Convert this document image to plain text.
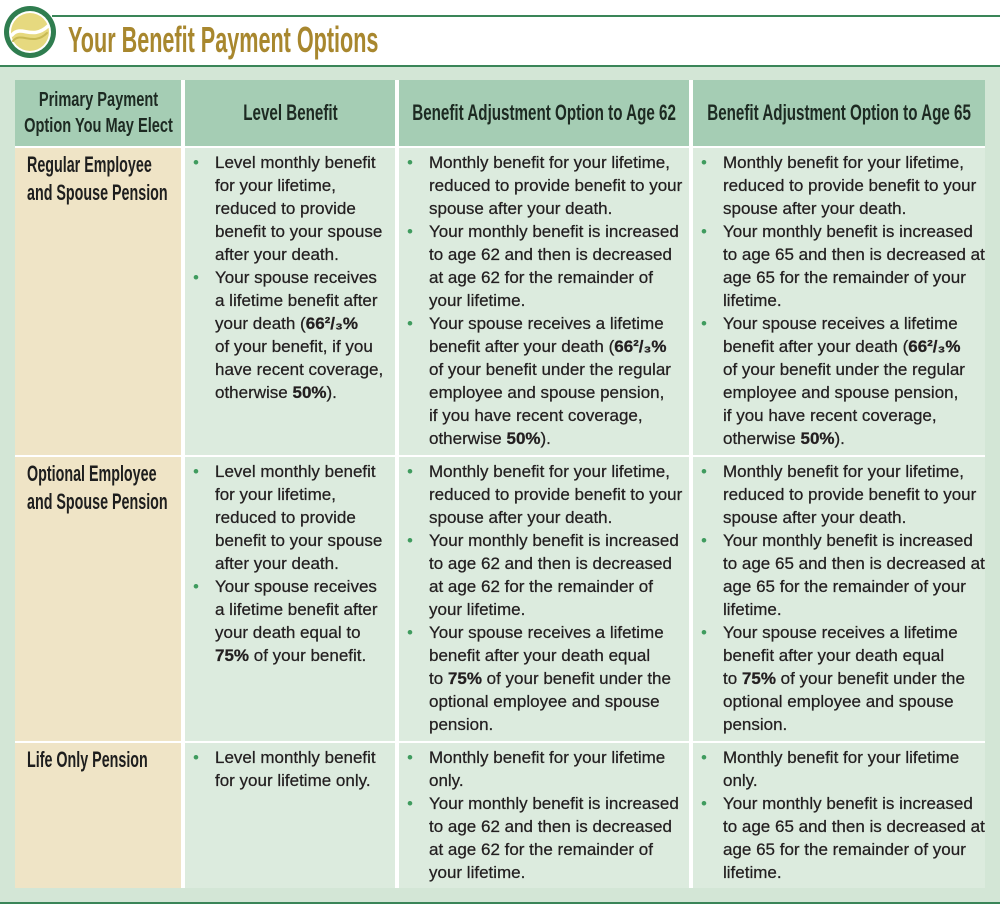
Your Benefit Payment Options
Primary Payment Option You May Elect
Level Benefit	Benefit Adjustment Option to Age 62 Benefit Adjustment Option to Age 65
Regular Employee and Spouse Pension
•
Level monthly benefit
for your lifetime,
reduced to provide
benefit to your spouse
after your death.
•
Your spouse receives
a lifetime benefit after
your death (66²/₃%
of your benefit, if you
have recent coverage,
otherwise 50%).
•
Monthly benefit for your lifetime,
reduced to provide benefit to your
spouse after your death.
•
Your monthly benefit is increased
to age 62 and then is decreased
at age 62 for the remainder of
your lifetime.
•
Your spouse receives a lifetime
benefit after your death (66²/₃%
of your benefit under the regular
employee and spouse pension,
if you have recent coverage,
otherwise 50%).
•
Monthly benefit for your lifetime,
reduced to provide benefit to your
spouse after your death.
•
Your monthly benefit is increased
to age 65 and then is decreased at
age 65 for the remainder of your
lifetime.
•
Your spouse receives a lifetime
benefit after your death (66²/₃%
of your benefit under the regular
employee and spouse pension,
if you have recent coverage,
otherwise 50%).
Optional Employee and Spouse Pension
•
Level monthly benefit
for your lifetime,
reduced to provide
benefit to your spouse
after your death.
•
Your spouse receives
a lifetime benefit after
your death equal to
75% of your benefit.
•
Monthly benefit for your lifetime,
reduced to provide benefit to your
spouse after your death.
•
Your monthly benefit is increased
to age 62 and then is decreased
at age 62 for the remainder of
your lifetime.
•
Your spouse receives a lifetime
benefit after your death equal
to 75% of your benefit under the
optional employee and spouse
pension.
•
Monthly benefit for your lifetime,
reduced to provide benefit to your
spouse after your death.
•
Your monthly benefit is increased
to age 65 and then is decreased at
age 65 for the remainder of your
lifetime.
•
Your spouse receives a lifetime
benefit after your death equal
to 75% of your benefit under the
optional employee and spouse
pension.
Life Only Pension
•	Level monthly benefit
for your lifetime only.
•
Monthly benefit for your lifetime
only.
•
Your monthly benefit is increased
to age 62 and then is decreased
at age 62 for the remainder of
your lifetime.
•
Monthly benefit for your lifetime
only.
•
Your monthly benefit is increased
to age 65 and then is decreased at
age 65 for the remainder of your
lifetime.
